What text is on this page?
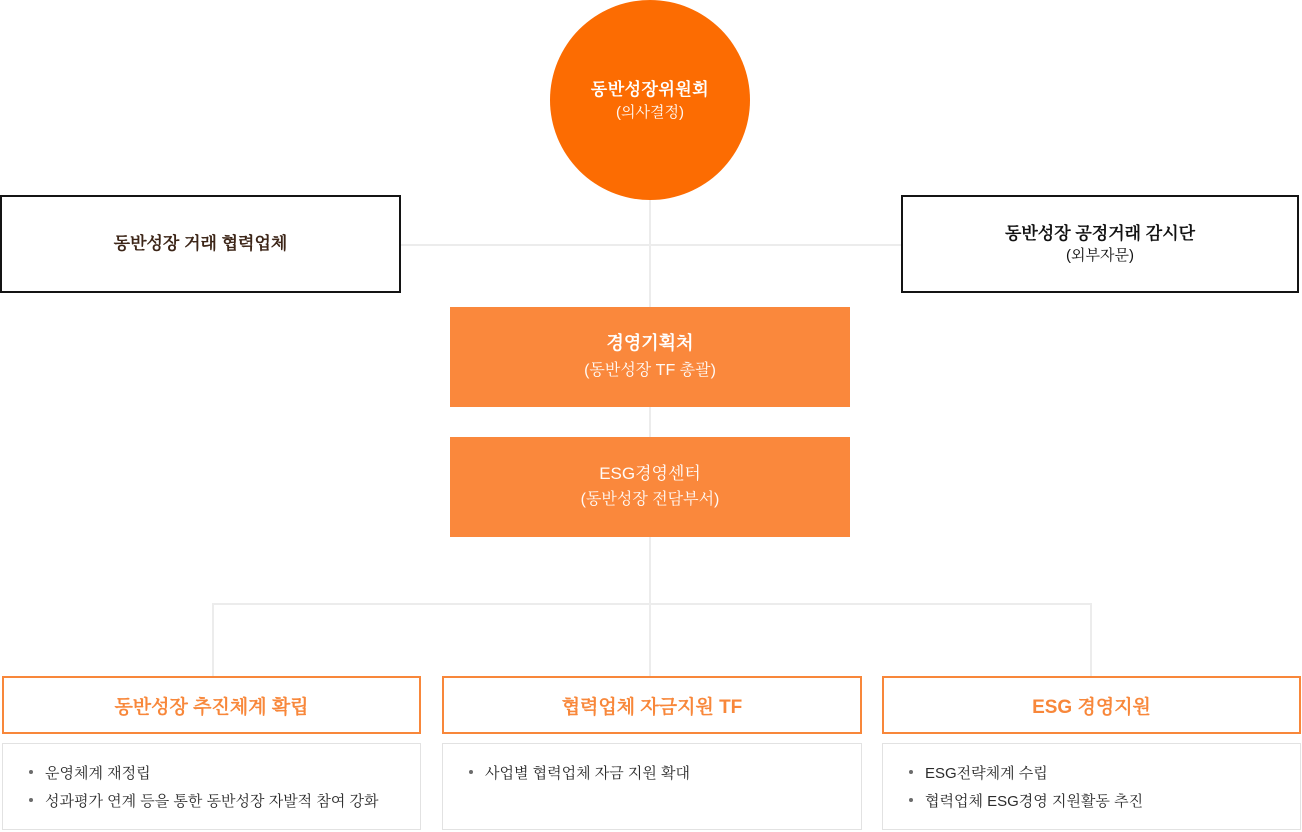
동반성장위원회
(의사결정)
동반성장 거래 협력업체
동반성장 공정거래 감시단
(외부자문)
경영기획처
(동반성장 TF 총괄)
ESG경영센터
(동반성장 전담부서)
동반성장 추진체계 확립
운영체계 재정립
성과평가 연계 등을 통한 동반성장 자발적 참여 강화
협력업체 자금지원 TF
사업별 협력업체 자금 지원 확대
ESG 경영지원
ESG전략체계 수립
협력업체 ESG경영 지원활동 추진
